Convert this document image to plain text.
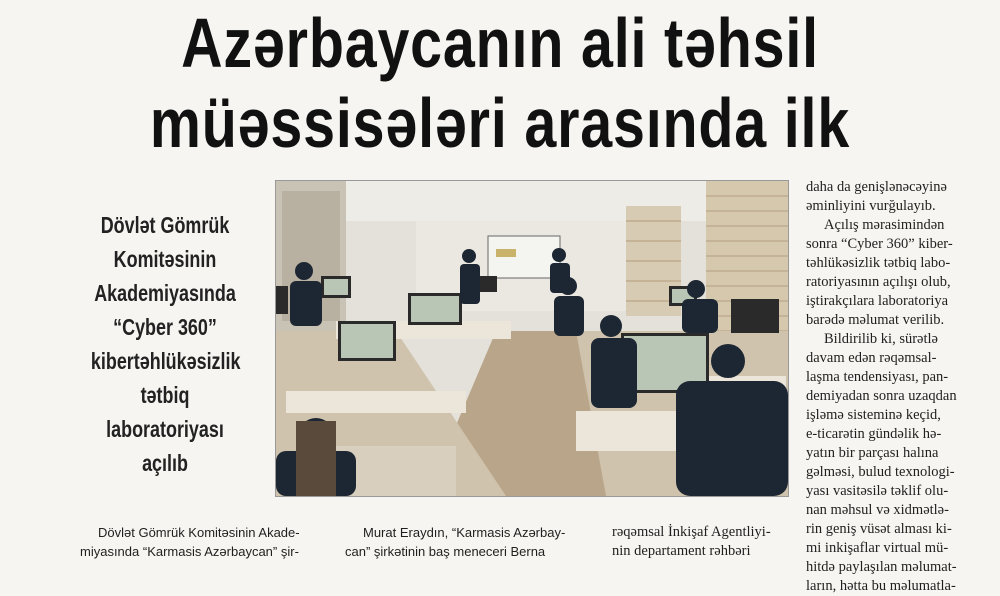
Azərbaycanın ali təhsil
müəssisələri arasında ilk
Dövlət Gömrük
Komitəsinin
Akademiyasında
“Cyber 360”
kibertəhlükəsizlik
tətbiq laboratoriyası
açılıb

daha da genişlənəcəyinə
əminliyini vurğulayıb.

Açılış mərasimindən
sonra “Cyber 360” kiber-
təhlükəsizlik tətbiq labo-
ratoriyasının açılışı olub,
iştirakçılara laboratoriya
barədə məlumat verilib.

Bildirilib ki, sürətlə
davam edən rəqəmsal-
laşma tendensiyası, pan-
demiyadan sonra uzaqdan
işləmə sisteminə keçid,
e-ticarətin gündəlik hə-
yatın bir parçası halına
gəlməsi, bulud texnologi-
yası vasitəsilə təklif olu-
nan məhsul və xidmətlə-
rin geniş vüsət alması ki-
mi inkişaflar virtual mü-
hitdə paylaşılan məlumat-
ların, hətta bu məlumatla-

Dövlət Gömrük Komitəsinin Akade-
miyasında “Karmasis Azərbaycan” şir-

Murat Eraydın, “Karmasis Azərbay-
can” şirkətinin baş meneceri Berna

rəqəmsal İnkişaf Agentliyi-
nin departament rəhbəri
